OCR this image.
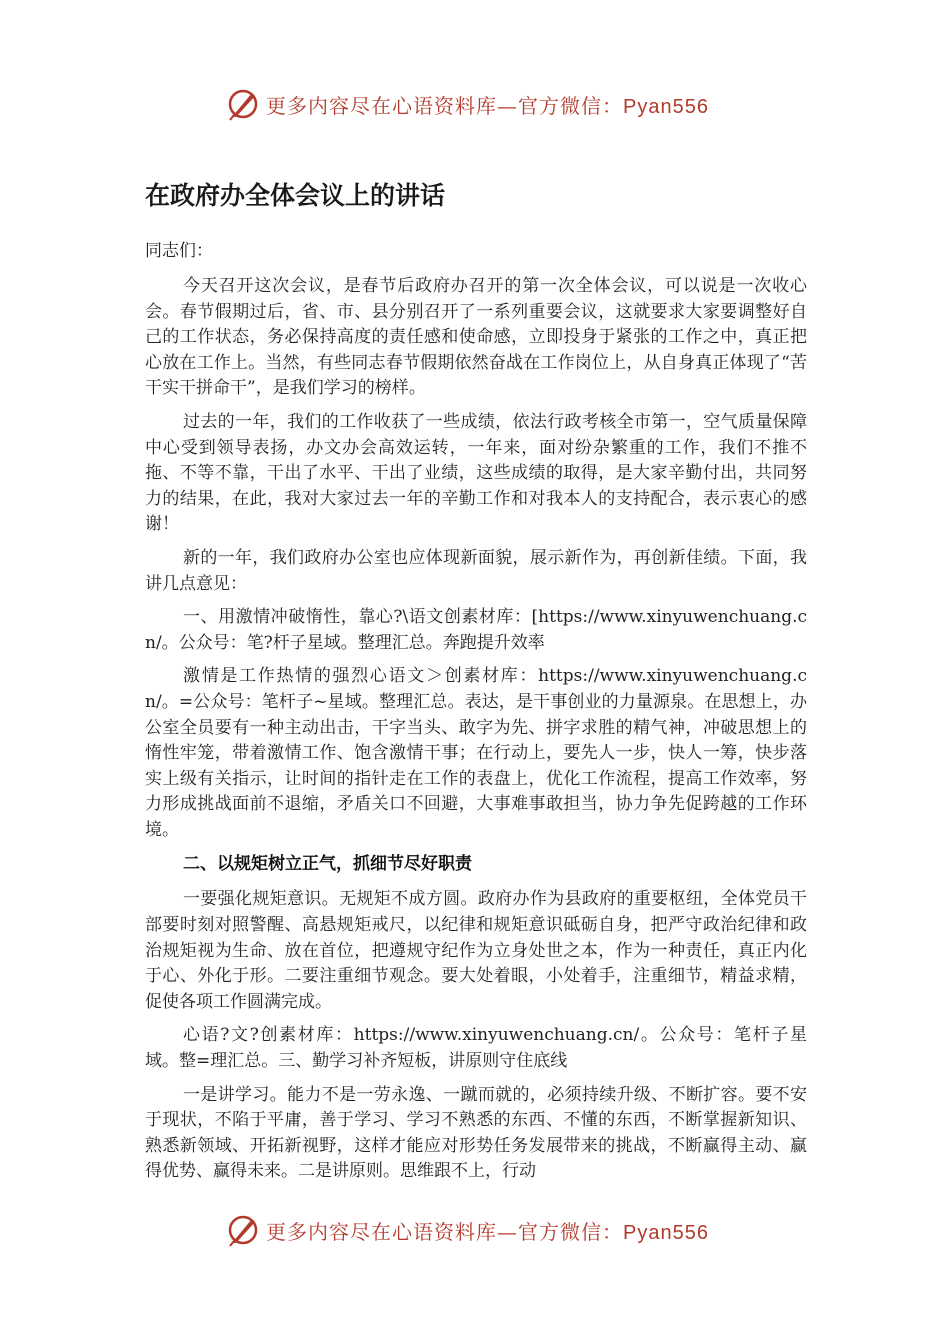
更多内容尽在心语资料库—官方微信：Pyan556
在政府办全体会议上的讲话
同志们：

今天召开这次会议，是春节后政府办召开的第一次全体会议，可以说是一次收心会。春节假期过后，省、市、县分别召开了一系列重要会议，这就要求大家要调整好自己的工作状态，务必保持高度的责任感和使命感，立即投身于紧张的工作之中，真正把心放在工作上。当然，有些同志春节假期依然奋战在工作岗位上，从自身真正体现了“苦干实干拼命干”，是我们学习的榜样。

过去的一年，我们的工作收获了一些成绩，依法行政考核全市第一，空气质量保障中心受到领导表扬，办文办会高效运转，一年来，面对纷杂繁重的工作，我们不推不拖、不等不靠，干出了水平、干出了业绩，这些成绩的取得，是大家辛勤付出，共同努力的结果，在此，我对大家过去一年的辛勤工作和对我本人的支持配合，表示衷心的感谢！

新的一年，我们政府办公室也应体现新面貌，展示新作为，再创新佳绩。下面，我讲几点意见：

一、用激情冲破惰性，靠心?\语文创素材库：[https://www.xinyuwenchuang.cn/。公众号：笔?杆子星域。整理汇总。奔跑提升效率

激情是工作热情的强烈心语文＞创素材库：https://www.xinyuwenchuang.cn/。=公众号：笔杆子~星域。整理汇总。表达，是干事创业的力量源泉。在思想上，办公室全员要有一种主动出击，干字当头、敢字为先、拼字求胜的精气神，冲破思想上的惰性牢笼，带着激情工作、饱含激情干事；在行动上，要先人一步，快人一筹，快步落实上级有关指示，让时间的指针走在工作的表盘上，优化工作流程，提高工作效率，努力形成挑战面前不退缩，矛盾关口不回避，大事难事敢担当，协力争先促跨越的工作环境。

二、以规矩树立正气，抓细节尽好职责

一要强化规矩意识。无规矩不成方圆。政府办作为县政府的重要枢纽，全体党员干部要时刻对照警醒、高悬规矩戒尺，以纪律和规矩意识砥砺自身，把严守政治纪律和政治规矩视为生命、放在首位，把遵规守纪作为立身处世之本，作为一种责任，真正内化于心、外化于形。二要注重细节观念。要大处着眼，小处着手，注重细节，精益求精，促使各项工作圆满完成。

心语?文?创素材库：https://www.xinyuwenchuang.cn/。公众号：笔杆子星域。整=理汇总。三、勤学习补齐短板，讲原则守住底线

一是讲学习。能力不是一劳永逸、一蹴而就的，必须持续升级、不断扩容。要不安于现状，不陷于平庸，善于学习、学习不熟悉的东西、不懂的东西，不断掌握新知识、熟悉新领域、开拓新视野，这样才能应对形势任务发展带来的挑战，不断赢得主动、赢得优势、赢得未来。二是讲原则。思维跟不上，行动

更多内容尽在心语资料库—官方微信：Pyan556
